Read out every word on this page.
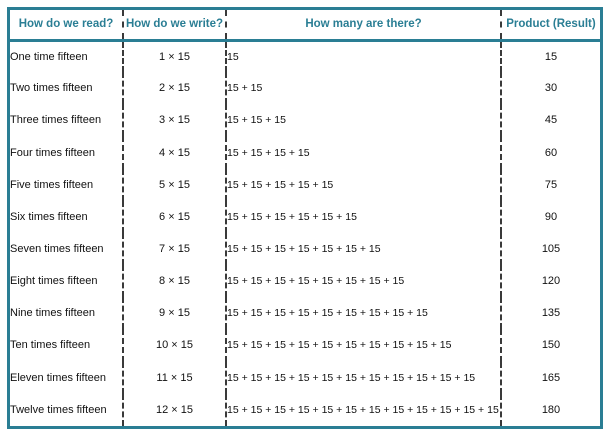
How do we read?	How do we write?	How many are there?	Product (Result)
One time fifteen	1 × 15	15	15
Two times fifteen	2 × 15	15 + 15	30
Three times fifteen	3 × 15	15 + 15 + 15	45
Four times fifteen	4 × 15	15 + 15 + 15 + 15	60
Five times fifteen	5 × 15	15 + 15 + 15 + 15 + 15	75
Six times fifteen	6 × 15	15 + 15 + 15 + 15 + 15 + 15	90
Seven times fifteen	7 × 15	15 + 15 + 15 + 15 + 15 + 15 + 15	105
Eight times fifteen	8 × 15	15 + 15 + 15 + 15 + 15 + 15 + 15 + 15	120
Nine times fifteen	9 × 15	15 + 15 + 15 + 15 + 15 + 15 + 15 + 15 + 15	135
Ten times fifteen	10 × 15	15 + 15 + 15 + 15 + 15 + 15 + 15 + 15 + 15 + 15	150
Eleven times fifteen	11 × 15	15 + 15 + 15 + 15 + 15 + 15 + 15 + 15 + 15 + 15 + 15	165
Twelve times fifteen	12 × 15	15 + 15 + 15 + 15 + 15 + 15 + 15 + 15 + 15 + 15 + 15 + 15	180
